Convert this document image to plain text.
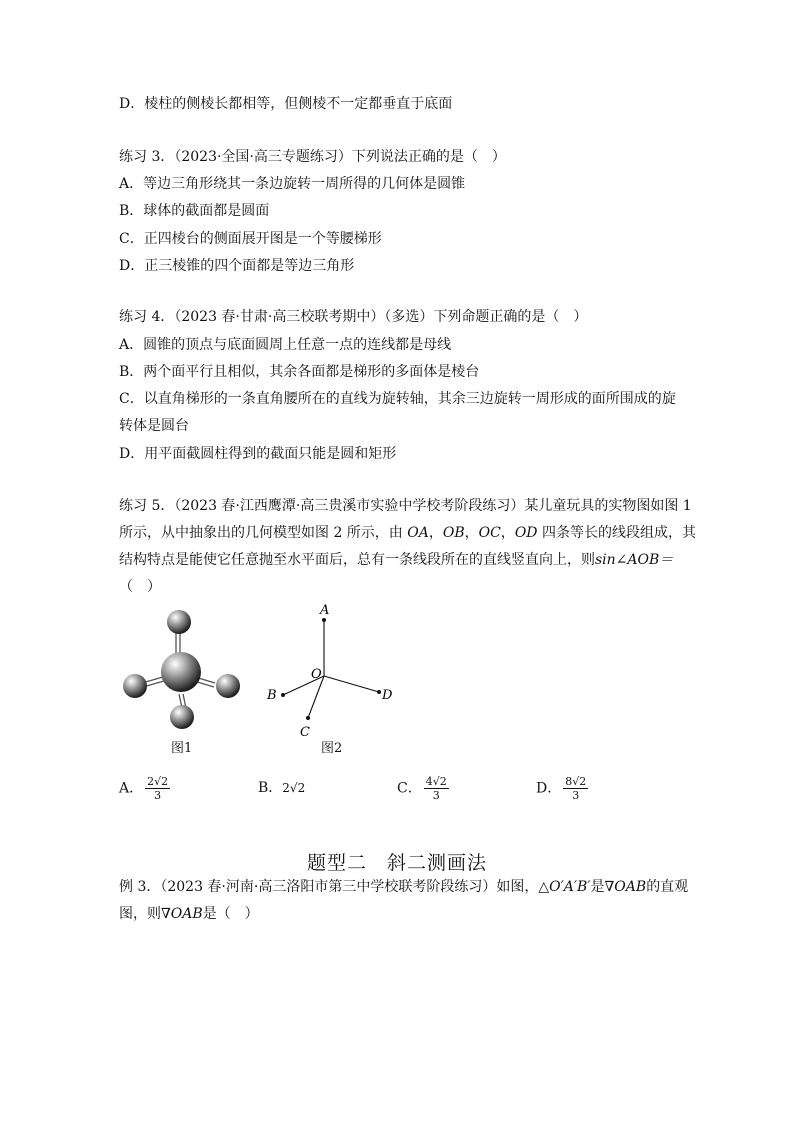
D．棱柱的侧棱长都相等，但侧棱不一定都垂直于底面
练习 3．（2023·全国·高三专题练习）下列说法正确的是（　）
A．等边三角形绕其一条边旋转一周所得的几何体是圆锥
B．球体的截面都是圆面
C．正四棱台的侧面展开图是一个等腰梯形
D．正三棱锥的四个面都是等边三角形
练习 4．（2023 春·甘肃·高三校联考期中）（多选）下列命题正确的是（　）
A．圆锥的顶点与底面圆周上任意一点的连线都是母线
B．两个面平行且相似，其余各面都是梯形的多面体是棱台
C．以直角梯形的一条直角腰所在的直线为旋转轴，其余三边旋转一周形成的面所围成的旋
转体是圆台
D．用平面截圆柱得到的截面只能是圆和矩形
练习 5．（2023 春·江西鹰潭·高三贵溪市实验中学校考阶段练习）某儿童玩具的实物图如图 1
所示，从中抽象出的几何模型如图 2 所示，由 OA，OB，OC，OD 四条等长的线段组成，其
结构特点是能使它任意抛至水平面后，总有一条线段所在的直线竖直向上，则sin∠AOB＝
（　）
图1
A
O
B
C
D
图2
A． $\frac{2√2}{3}$	B．2√2	C． $\frac{4√2}{3}$	D． $\frac{8√2}{3}$
题型二　斜二测画法
例 3．（2023 春·河南·高三洛阳市第三中学校联考阶段练习）如图，△O′A′B′是∇OAB的直观
图，则∇OAB是（　）
